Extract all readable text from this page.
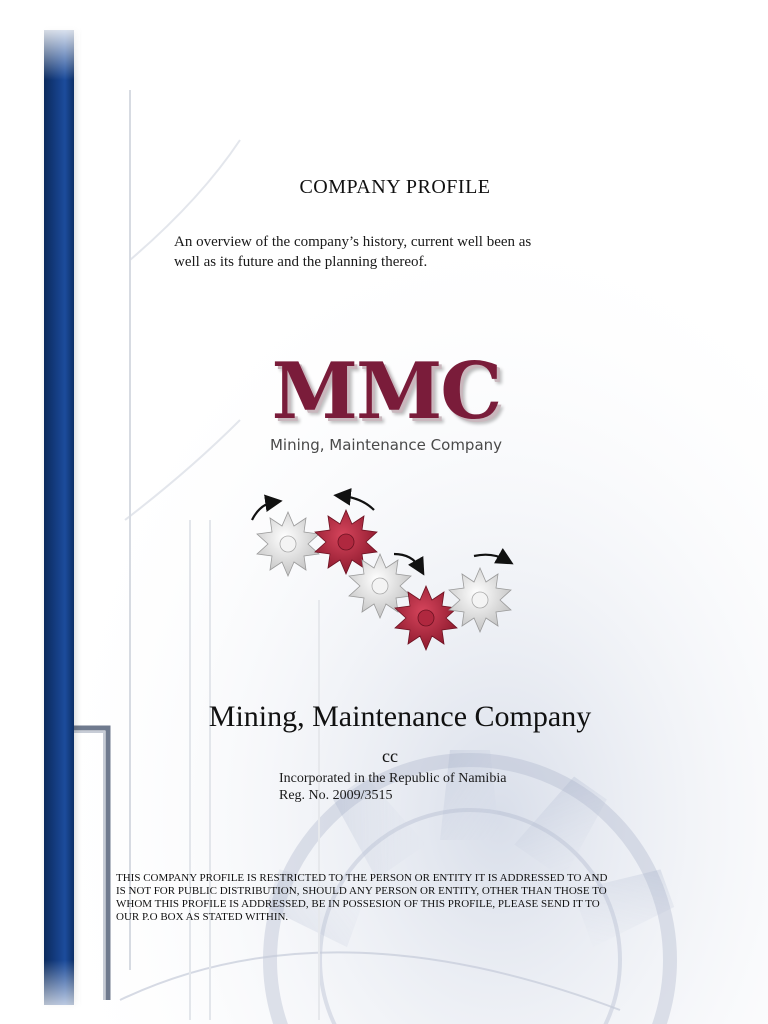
COMPANY PROFILE
An overview of the company’s history, current well been as
well as its future and the planning thereof.
MMC
Mining, Maintenance Company
Mining, Maintenance Company
cc
Incorporated in the Republic of Namibia
Reg. No. 2009/3515
THIS COMPANY PROFILE IS RESTRICTED TO THE PERSON OR ENTITY IT IS ADDRESSED TO AND
IS NOT FOR PUBLIC DISTRIBUTION, SHOULD ANY PERSON OR ENTITY, OTHER THAN THOSE TO
WHOM THIS PROFILE IS ADDRESSED, BE IN POSSESION OF THIS PROFILE, PLEASE SEND IT TO
OUR P.O BOX AS STATED WITHIN.
